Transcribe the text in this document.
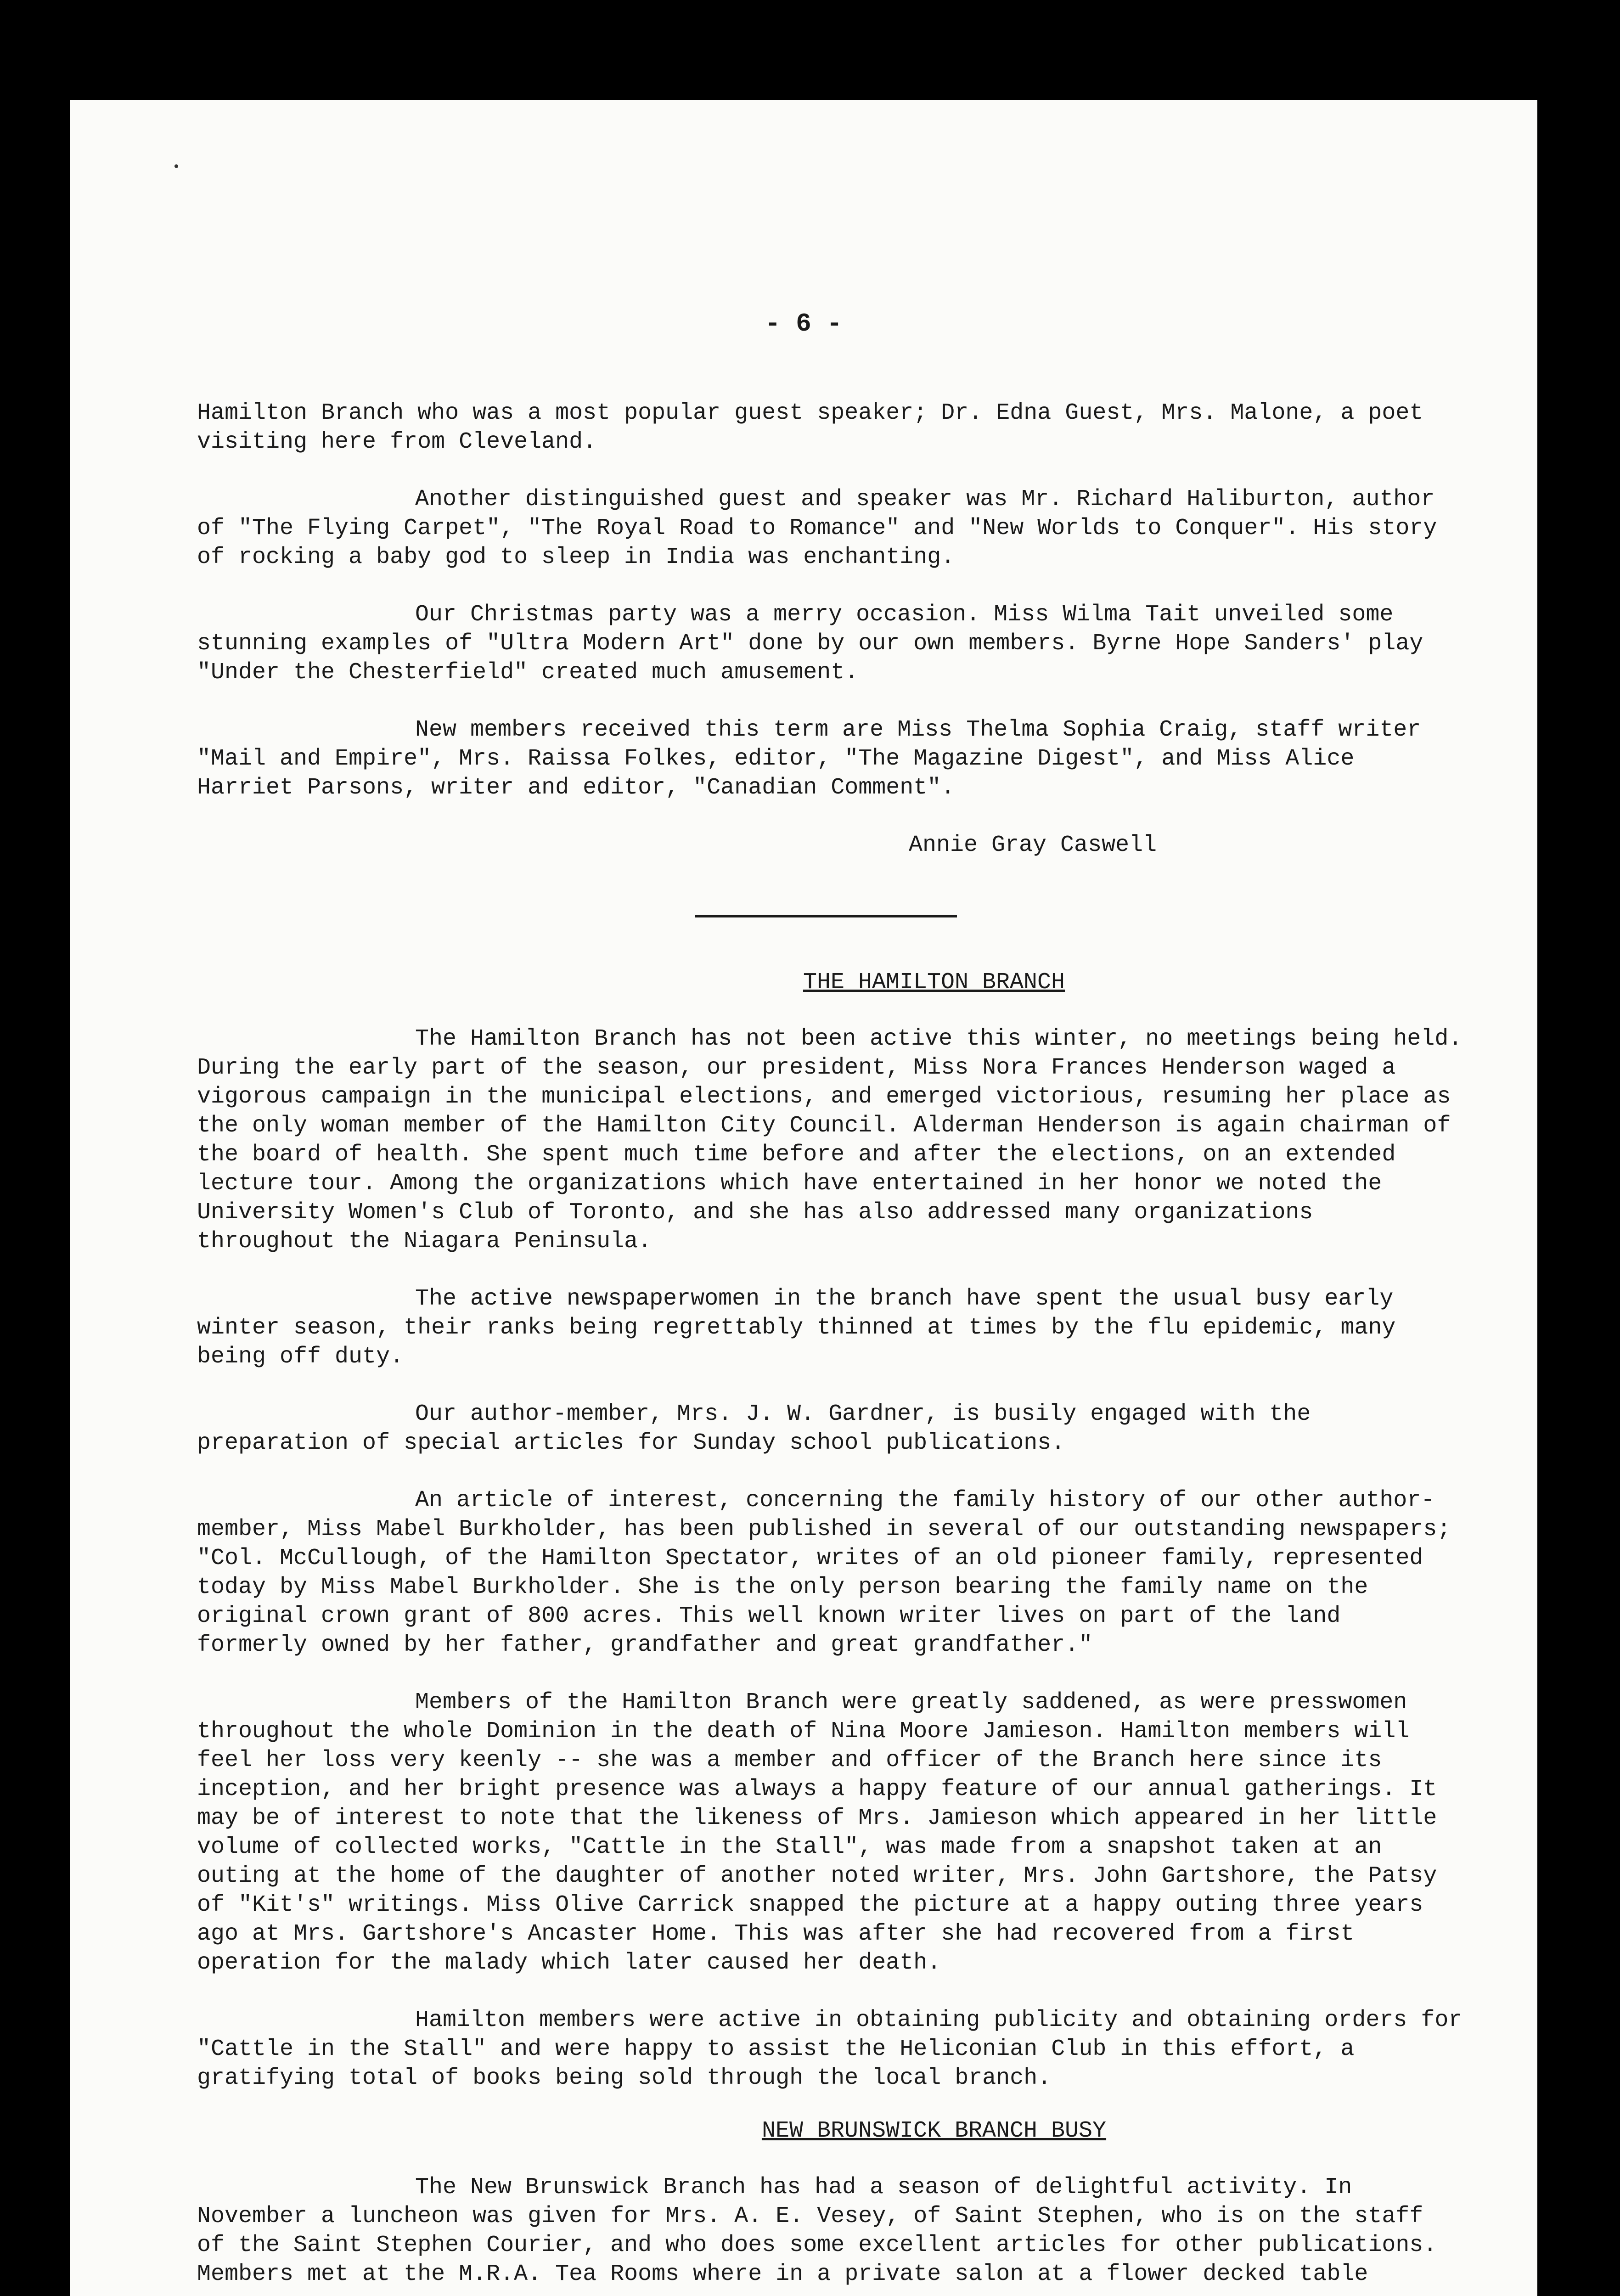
- 6 -

Hamilton Branch who was a most popular guest speaker; Dr. Edna Guest, Mrs. Malone, a poet visiting here from Cleveland.

Another distinguished guest and speaker was Mr. Richard Haliburton, author of "The Flying Carpet", "The Royal Road to Romance" and "New Worlds to Conquer". His story of rocking a baby god to sleep in India was enchanting.

Our Christmas party was a merry occasion. Miss Wilma Tait unveiled some stunning examples of "Ultra Modern Art" done by our own members. Byrne Hope Sanders' play "Under the Chesterfield" created much amusement.

New members received this term are Miss Thelma Sophia Craig, staff writer "Mail and Empire", Mrs. Raissa Folkes, editor, "The Magazine Digest", and Miss Alice Harriet Parsons, writer and editor, "Canadian Comment".

Annie Gray Caswell

THE HAMILTON BRANCH

The Hamilton Branch has not been active this winter, no meetings being held. During the early part of the season, our president, Miss Nora Frances Henderson waged a vigorous campaign in the municipal elections, and emerged victorious, resuming her place as the only woman member of the Hamilton City Council. Alderman Henderson is again chairman of the board of health. She spent much time before and after the elections, on an extended lecture tour. Among the organizations which have entertained in her honor we noted the University Women's Club of Toronto, and she has also addressed many organizations throughout the Niagara Peninsula.

The active newspaperwomen in the branch have spent the usual busy early winter season, their ranks being regrettably thinned at times by the flu epidemic, many being off duty.

Our author-member, Mrs. J. W. Gardner, is busily engaged with the preparation of special articles for Sunday school publications.

An article of interest, concerning the family history of our other author-member, Miss Mabel Burkholder, has been published in several of our outstanding newspapers; "Col. McCullough, of the Hamilton Spectator, writes of an old pioneer family, represented today by Miss Mabel Burkholder. She is the only person bearing the family name on the original crown grant of 800 acres. This well known writer lives on part of the land formerly owned by her father, grandfather and great grandfather."

Members of the Hamilton Branch were greatly saddened, as were presswomen throughout the whole Dominion in the death of Nina Moore Jamieson. Hamilton members will feel her loss very keenly -- she was a member and officer of the Branch here since its inception, and her bright presence was always a happy feature of our annual gatherings. It may be of interest to note that the likeness of Mrs. Jamieson which appeared in her little volume of collected works, "Cattle in the Stall", was made from a snapshot taken at an outing at the home of the daughter of another noted writer, Mrs. John Gartshore, the Patsy of "Kit's" writings. Miss Olive Carrick snapped the picture at a happy outing three years ago at Mrs. Gartshore's Ancaster Home. This was after she had recovered from a first operation for the malady which later caused her death.

Hamilton members were active in obtaining publicity and obtaining orders for "Cattle in the Stall" and were happy to assist the Heliconian Club in this effort, a gratifying total of books being sold through the local branch.

NEW BRUNSWICK BRANCH BUSY

The New Brunswick Branch has had a season of delightful activity. In November a luncheon was given for Mrs. A. E. Vesey, of Saint Stephen, who is on the staff of the Saint Stephen Courier, and who does some excellent articles for other publications. Members met at the M.R.A. Tea Rooms where in a private salon at a flower decked table
